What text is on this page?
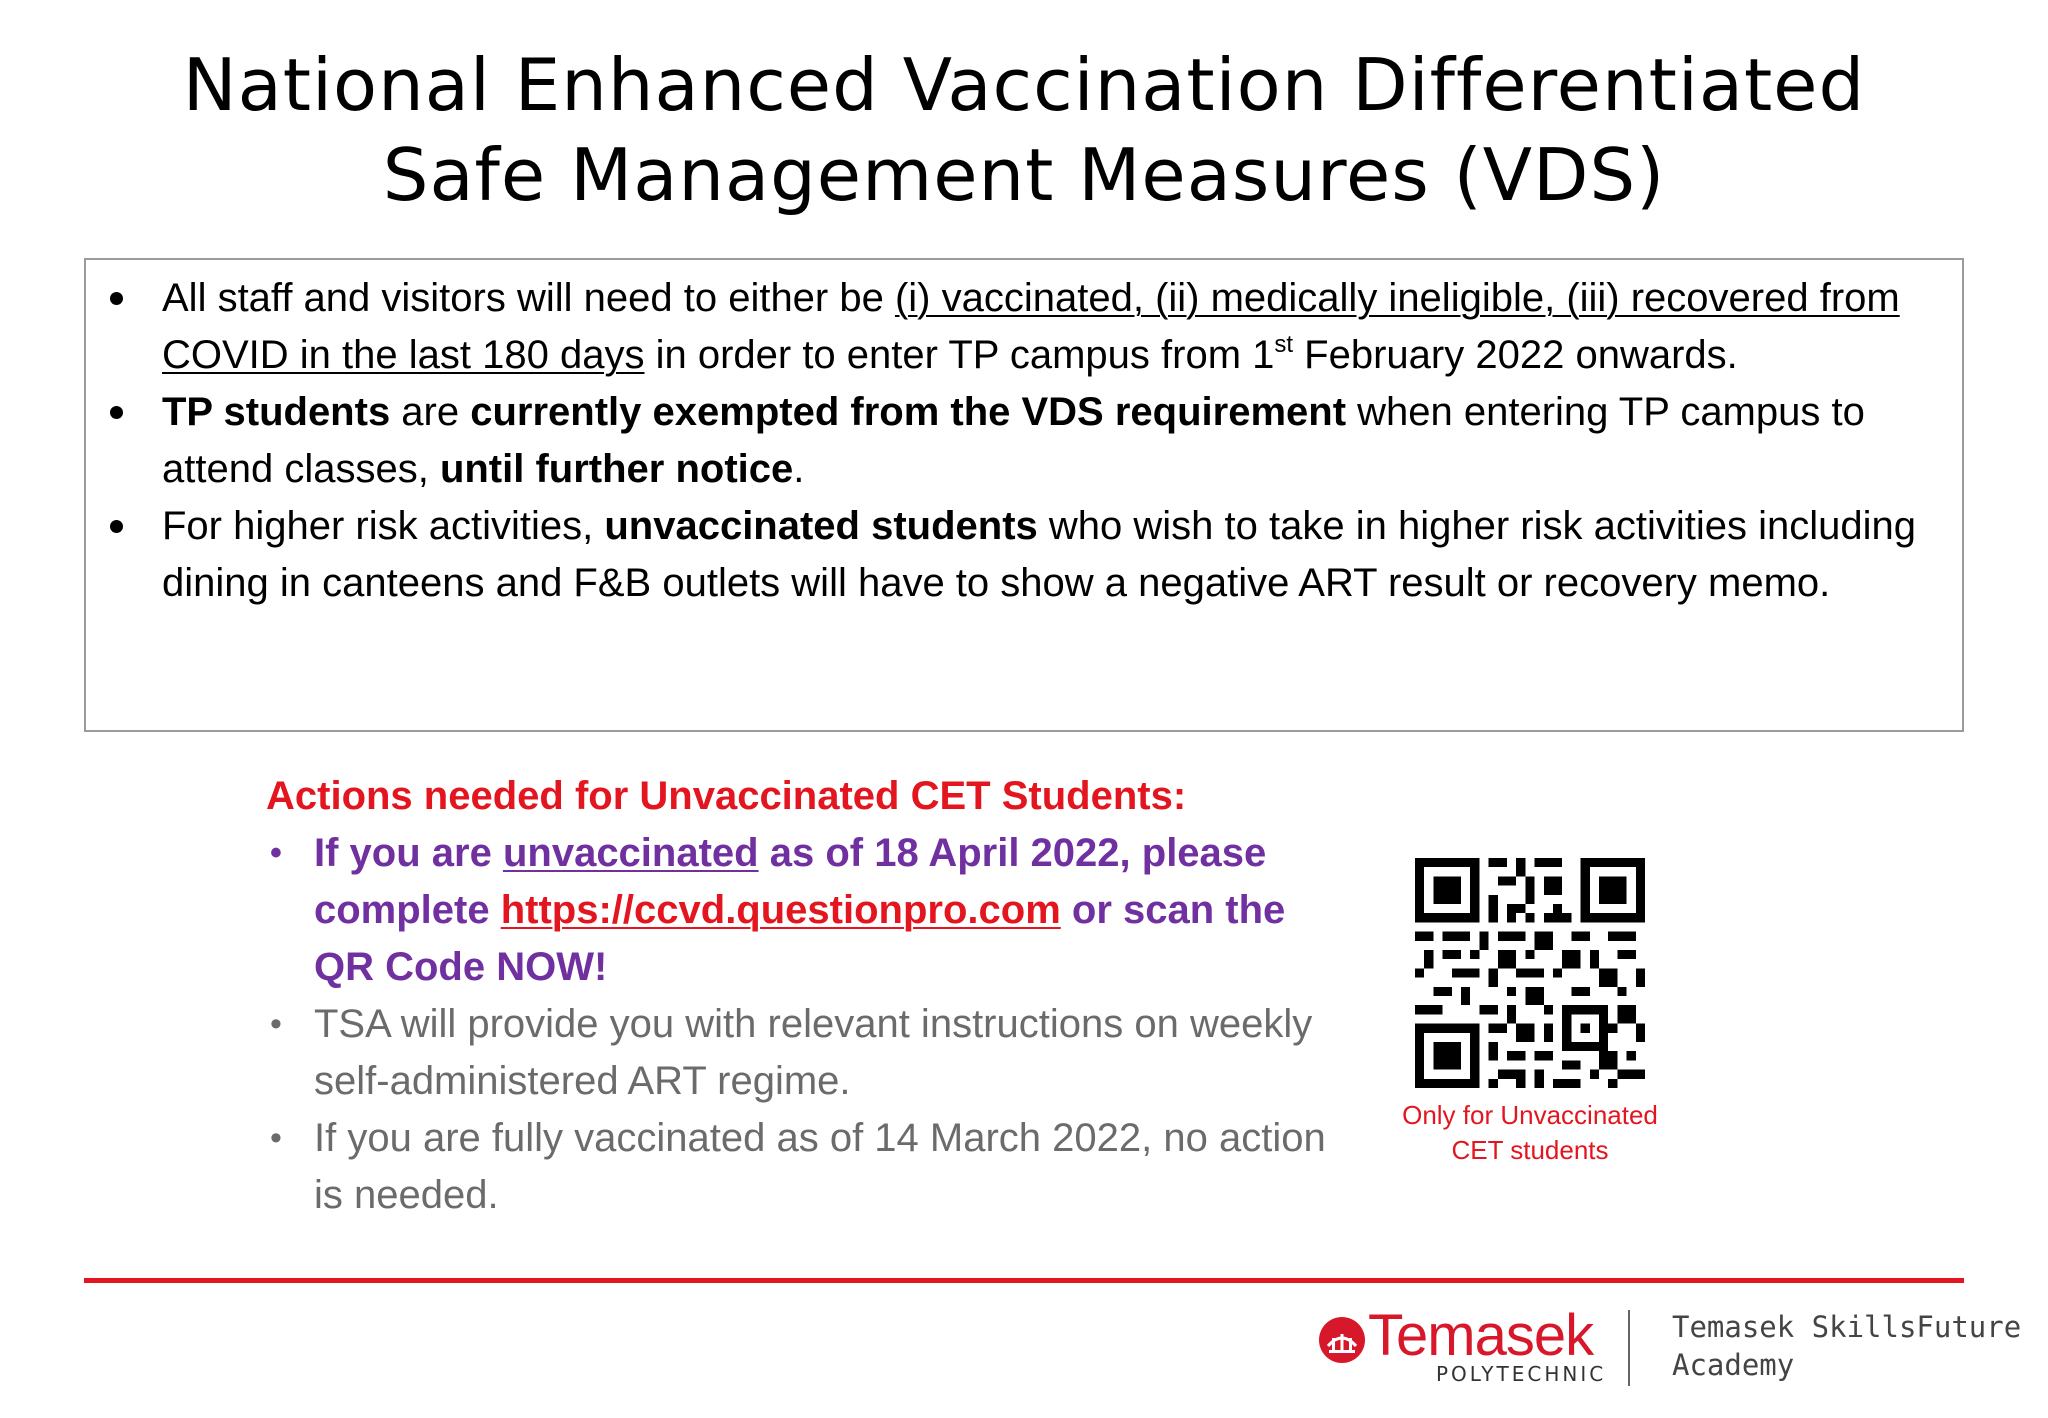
National Enhanced Vaccination Differentiated
Safe Management Measures (VDS)
All staff and visitors will need to either be (i) vaccinated, (ii) medically ineligible, (iii) recovered from COVID in the last 180 days in order to enter TP campus from 1st February 2022 onwards.
TP students are currently exempted from the VDS requirement when entering TP campus to attend classes, until further notice.
For higher risk activities, unvaccinated students who wish to take in higher risk activities including dining in canteens and F&B outlets will have to show a negative ART result or recovery memo.

Actions needed for Unvaccinated CET Students:

• If you are unvaccinated as of 18 April 2022, please complete https://ccvd.questionpro.com or scan the QR Code NOW!
• TSA will provide you with relevant instructions on weekly self-administered ART regime.
• If you are fully vaccinated as of 14 March 2022, no action is needed.
Only for Unvaccinated
CET students
Temasek
POLYTECHNIC
Temasek SkillsFuture
Academy
